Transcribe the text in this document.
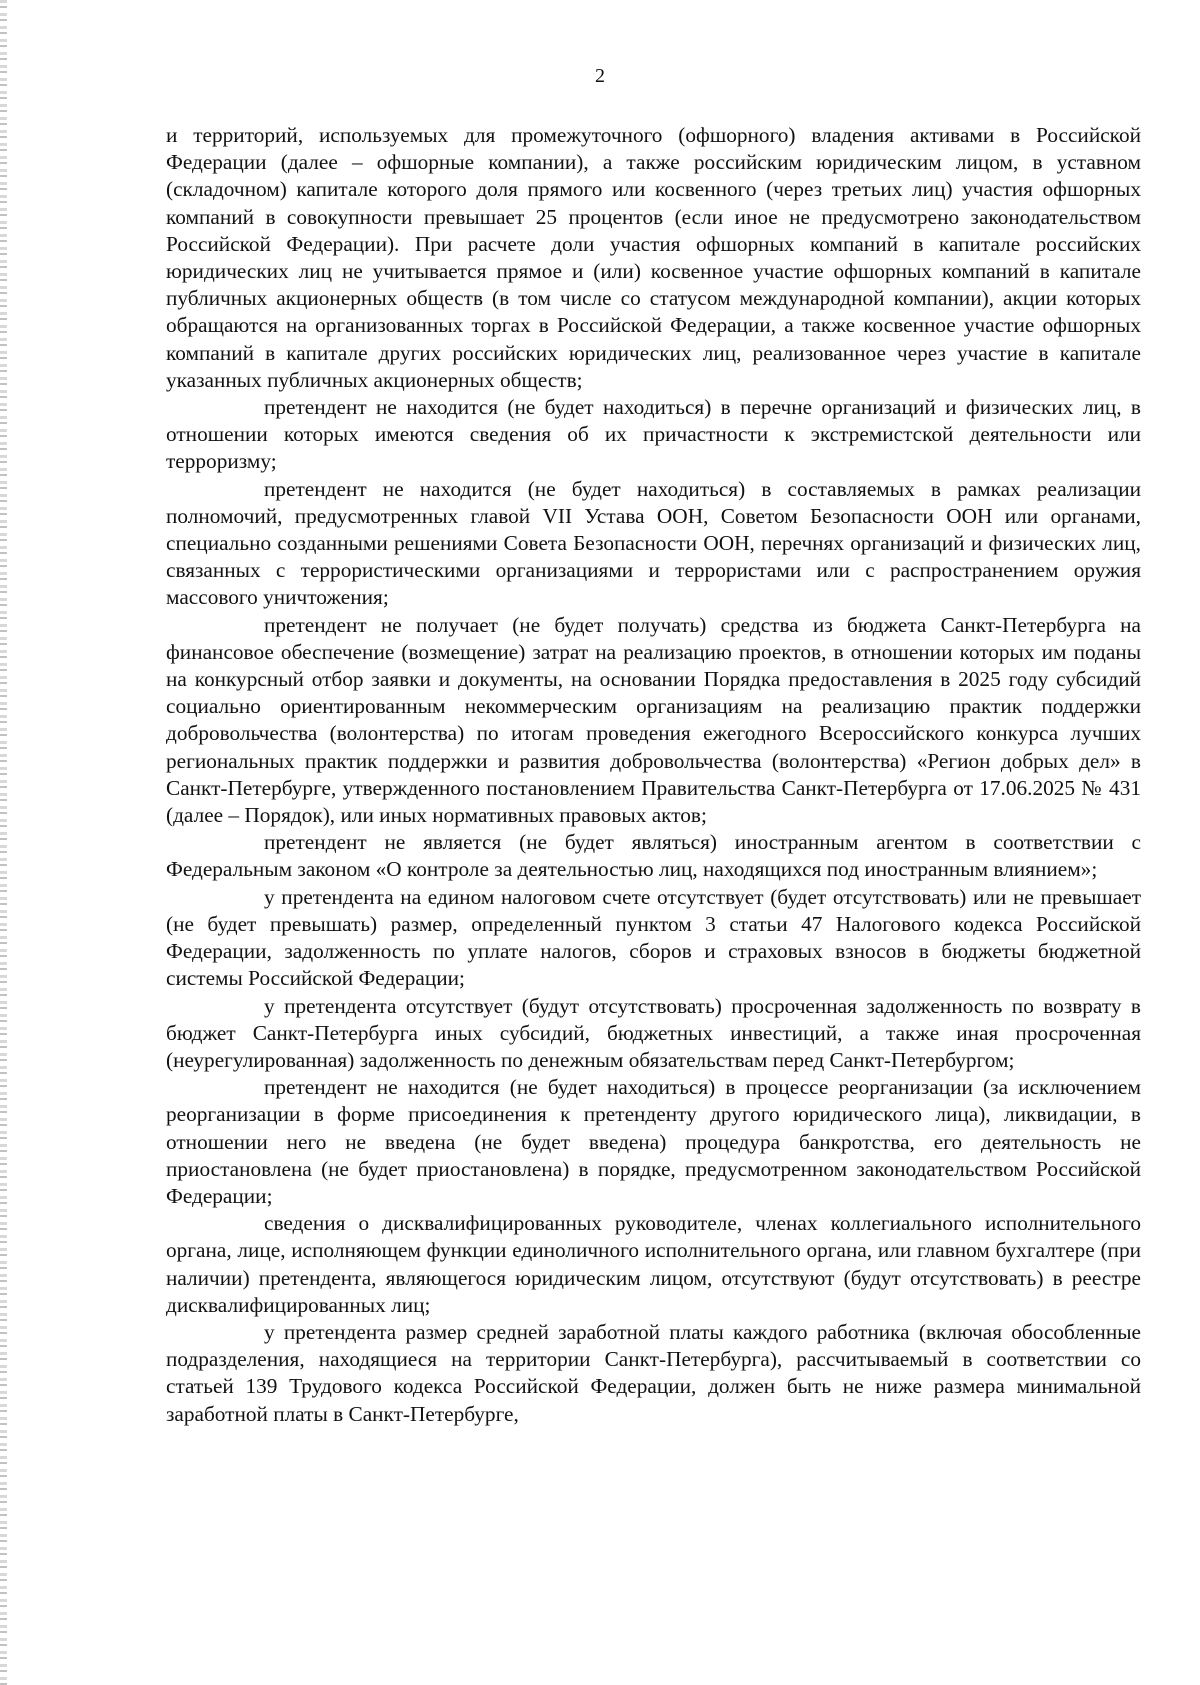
2

и территорий, используемых для промежуточного (офшорного) владения активами в Российской Федерации (далее – офшорные компании), а также российским юридическим лицом, в уставном (складочном) капитале которого доля прямого или косвенного (через третьих лиц) участия офшорных компаний в совокупности превышает 25 процентов (если иное не предусмотрено законодательством Российской Федерации). При расчете доли участия офшорных компаний в капитале российских юридических лиц не учитывается прямое и (или) косвенное участие офшорных компаний в капитале публичных акционерных обществ (в том числе со статусом международной компании), акции которых обращаются на организованных торгах в Российской Федерации, а также косвенное участие офшорных компаний в капитале других российских юридических лиц, реализованное через участие в капитале указанных публичных акционерных обществ;

претендент не находится (не будет находиться) в перечне организаций и физических лиц, в отношении которых имеются сведения об их причастности к экстремистской деятельности или терроризму;

претендент не находится (не будет находиться) в составляемых в рамках реализации полномочий, предусмотренных главой VII Устава ООН, Советом Безопасности ООН или органами, специально созданными решениями Совета Безопасности ООН, перечнях организаций и физических лиц, связанных с террористическими организациями и террористами или с распространением оружия массового уничтожения;

претендент не получает (не будет получать) средства из бюджета Санкт-Петербурга на финансовое обеспечение (возмещение) затрат на реализацию проектов, в отношении которых им поданы на конкурсный отбор заявки и документы, на основании Порядка предоставления в 2025 году субсидий социально ориентированным некоммерческим организациям на реализацию практик поддержки добровольчества (волонтерства) по итогам проведения ежегодного Всероссийского конкурса лучших региональных практик поддержки и развития добровольчества (волонтерства) «Регион добрых дел» в Санкт-Петербурге, утвержденного постановлением Правительства Санкт-Петербурга от 17.06.2025 № 431 (далее – Порядок), или иных нормативных правовых актов;

претендент не является (не будет являться) иностранным агентом в соответствии с Федеральным законом «О контроле за деятельностью лиц, находящихся под иностранным влиянием»;

у претендента на едином налоговом счете отсутствует (будет отсутствовать) или не превышает (не будет превышать) размер, определенный пунктом 3 статьи 47 Налогового кодекса Российской Федерации, задолженность по уплате налогов, сборов и страховых взносов в бюджеты бюджетной системы Российской Федерации;

у претендента отсутствует (будут отсутствовать) просроченная задолженность по возврату в бюджет Санкт-Петербурга иных субсидий, бюджетных инвестиций, а также иная просроченная (неурегулированная) задолженность по денежным обязательствам перед Санкт-Петербургом;

претендент не находится (не будет находиться) в процессе реорганизации (за исключением реорганизации в форме присоединения к претенденту другого юридического лица), ликвидации, в отношении него не введена (не будет введена) процедура банкротства, его деятельность не приостановлена (не будет приостановлена) в порядке, предусмотренном законодательством Российской Федерации;

сведения о дисквалифицированных руководителе, членах коллегиального исполнительного органа, лице, исполняющем функции единоличного исполнительного органа, или главном бухгалтере (при наличии) претендента, являющегося юридическим лицом, отсутствуют (будут отсутствовать) в реестре дисквалифицированных лиц;

у претендента размер средней заработной платы каждого работника (включая обособленные подразделения, находящиеся на территории Санкт-Петербурга), рассчитываемый в соответствии со статьей 139 Трудового кодекса Российской Федерации, должен быть не ниже размера минимальной заработной платы в Санкт-Петербурге,
